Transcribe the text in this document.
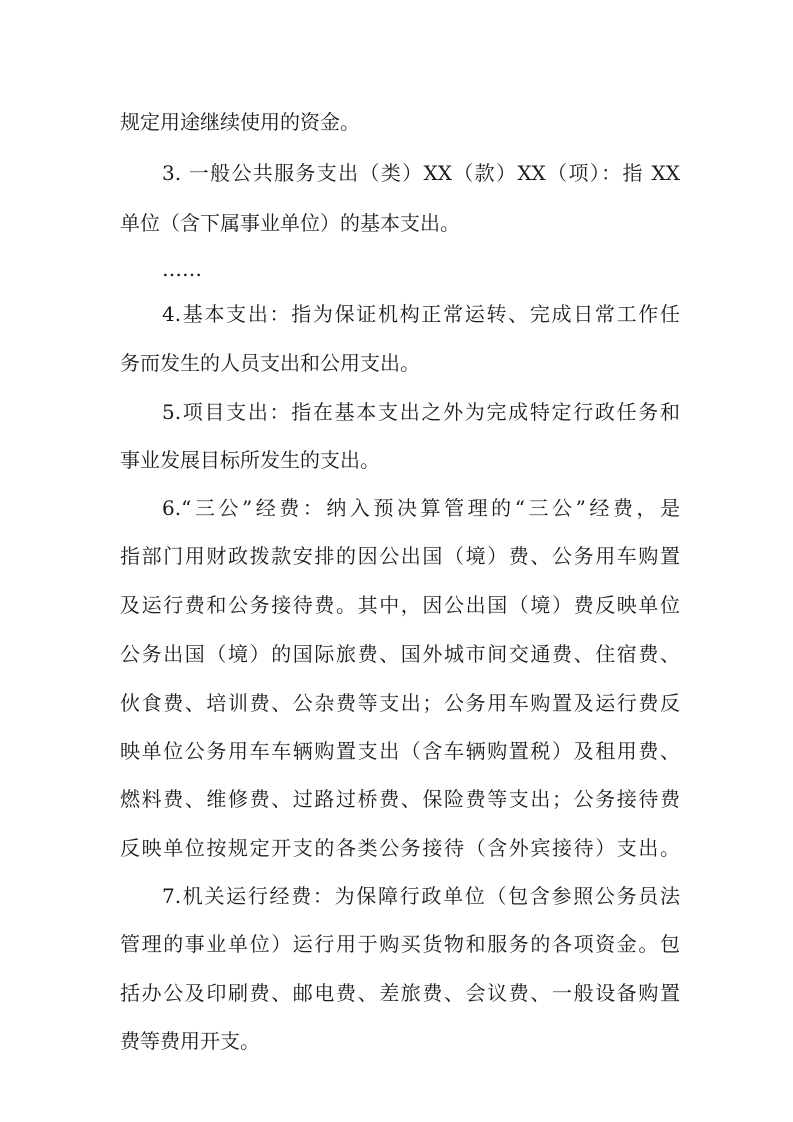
规定用途继续使用的资金。
3. 一般公共服务支出（类）XX（款）XX（项）：指 XX
单位（含下属事业单位）的基本支出。
……
4.基本支出：指为保证机构正常运转、完成日常工作任
务而发生的人员支出和公用支出。
5.项目支出：指在基本支出之外为完成特定行政任务和
事业发展目标所发生的支出。
6.“三公”经费：纳入预决算管理的“三公”经费，是
指部门用财政拨款安排的因公出国（境）费、公务用车购置
及运行费和公务接待费。其中，因公出国（境）费反映单位
公务出国（境）的国际旅费、国外城市间交通费、住宿费、
伙食费、培训费、公杂费等支出；公务用车购置及运行费反
映单位公务用车车辆购置支出（含车辆购置税）及租用费、
燃料费、维修费、过路过桥费、保险费等支出；公务接待费
反映单位按规定开支的各类公务接待（含外宾接待）支出。
7.机关运行经费：为保障行政单位（包含参照公务员法
管理的事业单位）运行用于购买货物和服务的各项资金。包
括办公及印刷费、邮电费、差旅费、会议费、一般设备购置
费等费用开支。
